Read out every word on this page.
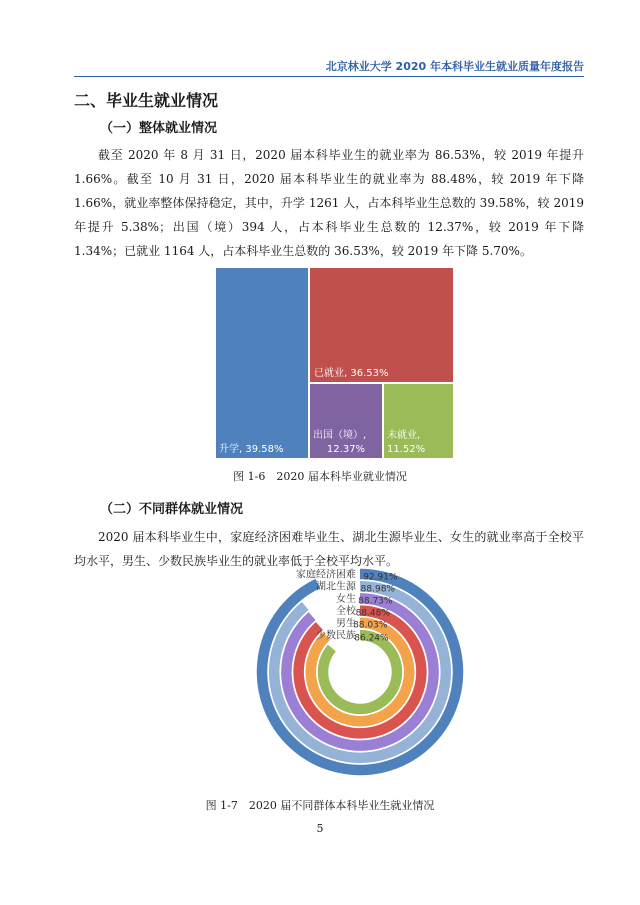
北京林业大学 2020 年本科毕业生就业质量年度报告
二、毕业生就业情况
（一）整体就业情况
截至 2020 年 8 月 31 日，2020 届本科毕业生的就业率为 86.53%，较 2019 年提升 1.66%。截至 10 月 31 日，2020 届本科毕业生的就业率为 88.48%，较 2019 年下降 1.66%，就业率整体保持稳定，其中，升学 1261 人，占本科毕业生总数的 39.58%，较 2019 年提升 5.38%；出国（境）394 人，占本科毕业生总数的 12.37%，较 2019 年下降 1.34%；已就业 1164 人，占本科毕业生总数的 36.53%，较 2019 年下降 5.70%。
升学, 39.58%
已就业, 36.53%
出国（境）,
12.37%
未就业,
11.52%
图 1-6　2020 届本科毕业就业情况
（二）不同群体就业情况
2020 届本科毕业生中，家庭经济困难毕业生、湖北生源毕业生、女生的就业率高于全校平均水平，男生、少数民族毕业生的就业率低于全校平均水平。
家庭经济困难 92.91%
湖北生源 88.98%
女生 88.73%
全校 88.48%
男生
88.03%
少数民族
86.24%
图 1-7　2020 届不同群体本科毕业生就业情况
5
